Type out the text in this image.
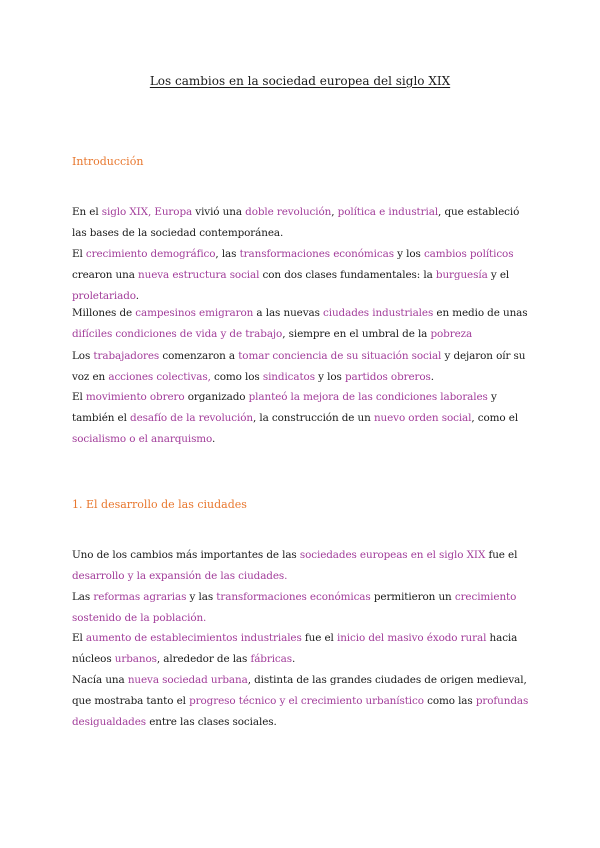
Los cambios en la sociedad europea del siglo XIX
Introducción
En el siglo XIX, Europa vivió una doble revolución, política e industrial, que estableció las bases de la sociedad contemporánea.
El crecimiento demográfico, las transformaciones económicas y los cambios políticos crearon una nueva estructura social con dos clases fundamentales: la burguesía y el proletariado.
Millones de campesinos emigraron a las nuevas ciudades industriales en medio de unas difíciles condiciones de vida y de trabajo, siempre en el umbral de la pobreza
Los trabajadores comenzaron a tomar conciencia de su situación social y dejaron oír su voz en acciones colectivas, como los sindicatos y los partidos obreros.
El movimiento obrero organizado planteó la mejora de las condiciones laborales y también el desafío de la revolución, la construcción de un nuevo orden social, como el socialismo o el anarquismo.
1. El desarrollo de las ciudades
Uno de los cambios más importantes de las sociedades europeas en el siglo XIX fue el desarrollo y la expansión de las ciudades.
Las reformas agrarias y las transformaciones económicas permitieron un crecimiento sostenido de la población.
El aumento de establecimientos industriales fue el inicio del masivo éxodo rural hacia núcleos urbanos, alrededor de las fábricas.
Nacía una nueva sociedad urbana, distinta de las grandes ciudades de origen medieval, que mostraba tanto el progreso técnico y el crecimiento urbanístico como las profundas desigualdades entre las clases sociales.
